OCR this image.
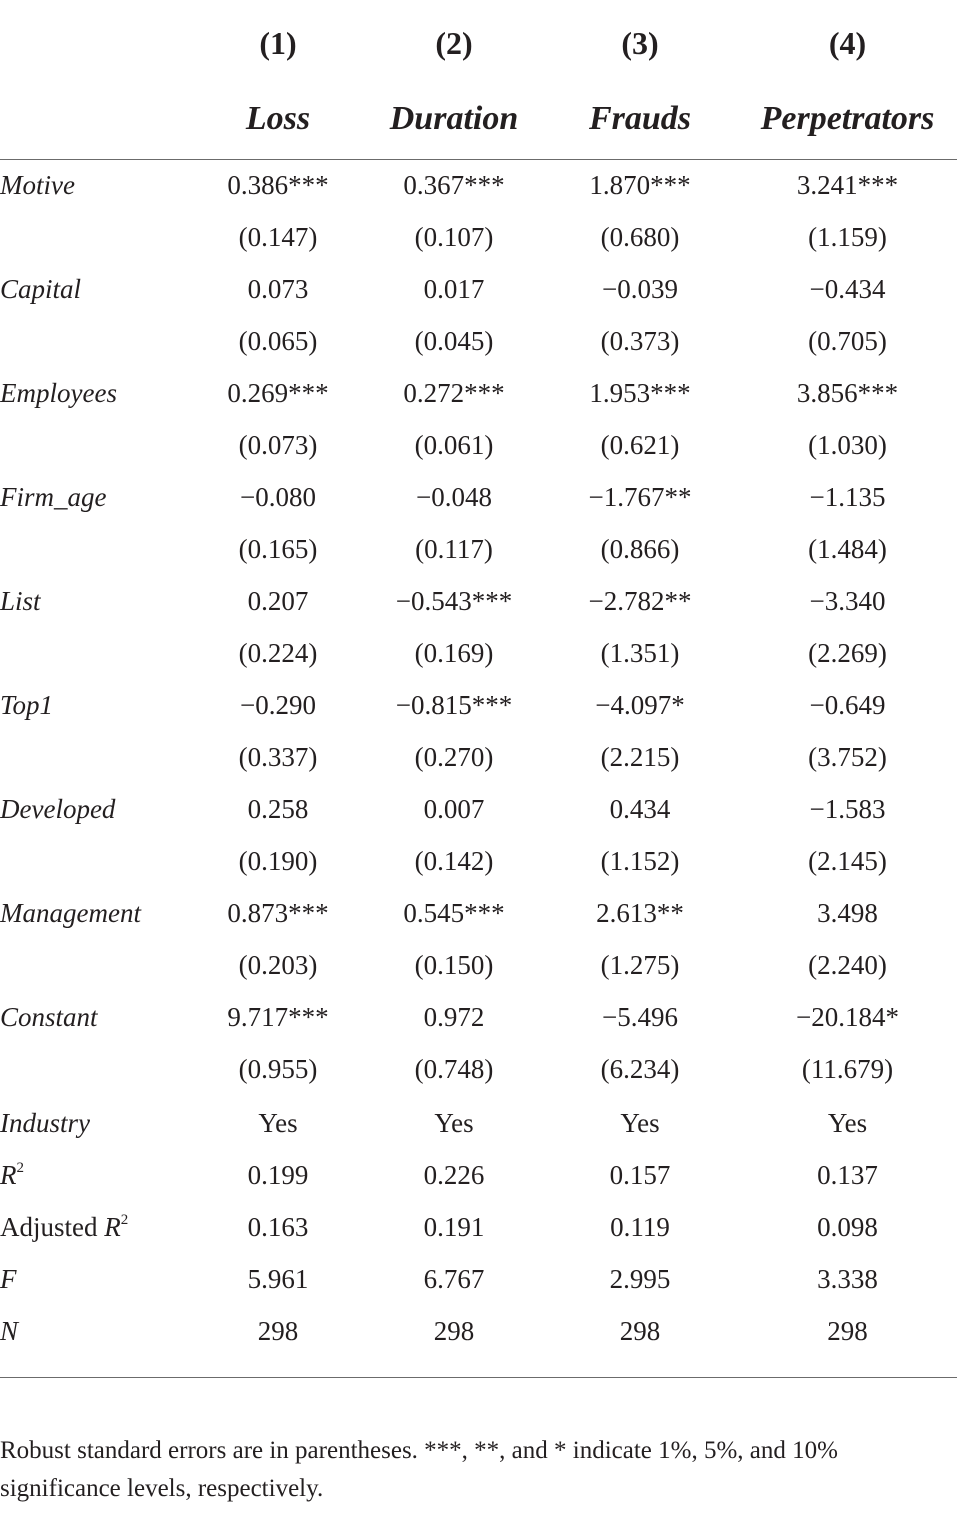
(1)	(2)	(3)	(4)
Loss	Duration	Frauds	Perpetrators
Motive	0.386***	0.367***	1.870***	3.241***
(0.147)	(0.107)	(0.680)	(1.159)
Capital	0.073	0.017	−0.039	−0.434
(0.065)	(0.045)	(0.373)	(0.705)
Employees	0.269***	0.272***	1.953***	3.856***
(0.073)	(0.061)	(0.621)	(1.030)
Firm_age	−0.080	−0.048	−1.767**	−1.135
(0.165)	(0.117)	(0.866)	(1.484)
List	0.207	−0.543***	−2.782**	−3.340
(0.224)	(0.169)	(1.351)	(2.269)
Top1	−0.290	−0.815***	−4.097*	−0.649
(0.337)	(0.270)	(2.215)	(3.752)
Developed	0.258	0.007	0.434	−1.583
(0.190)	(0.142)	(1.152)	(2.145)
Management	0.873***	0.545***	2.613**	3.498
(0.203)	(0.150)	(1.275)	(2.240)
Constant	9.717***	0.972	−5.496	−20.184*
(0.955)	(0.748)	(6.234)	(11.679)
Industry	Yes	Yes	Yes	Yes
$R^2$	0.199	0.226	0.157	0.137
Adjusted $R^2$	0.163	0.191	0.119	0.098
F	5.961	6.767	2.995	3.338
N	298	298	298	298
Robust standard errors are in parentheses. ***, **, and * indicate 1%, 5%, and 10% significance levels, respectively.
